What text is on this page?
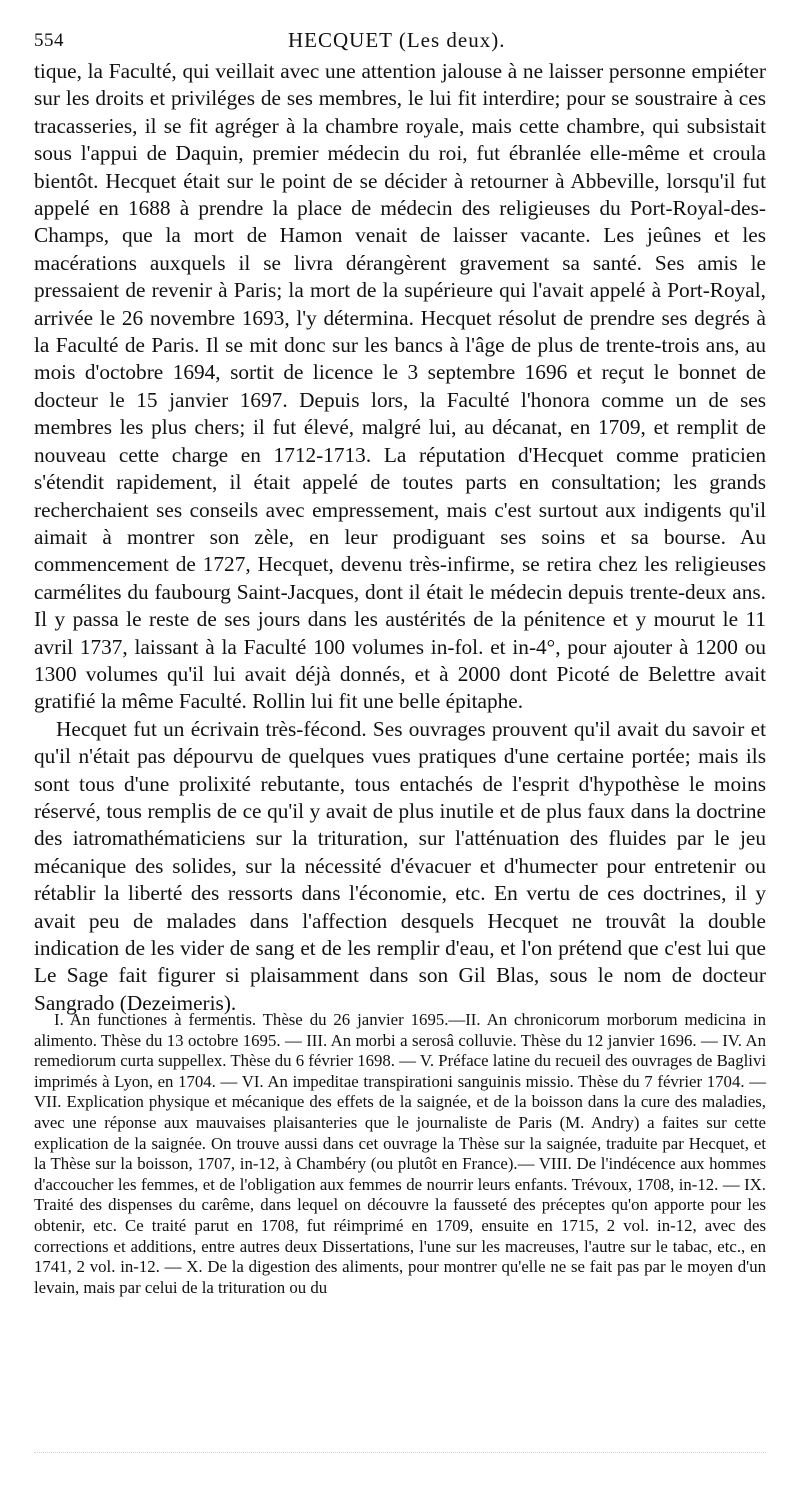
554	HECQUET (Les deux).

tique, la Faculté, qui veillait avec une attention jalouse à ne laisser personne empiéter sur les droits et priviléges de ses membres, le lui fit interdire; pour se soustraire à ces tracasseries, il se fit agréger à la chambre royale, mais cette chambre, qui subsistait sous l'appui de Daquin, premier médecin du roi, fut ébranlée elle-même et croula bientôt. Hecquet était sur le point de se décider à retourner à Abbeville, lorsqu'il fut appelé en 1688 à prendre la place de médecin des religieuses du Port-Royal-des-Champs, que la mort de Hamon venait de laisser vacante. Les jeûnes et les macérations auxquels il se livra dérangèrent gravement sa santé. Ses amis le pressaient de revenir à Paris; la mort de la supérieure qui l'avait appelé à Port-Royal, arrivée le 26 novembre 1693, l'y détermina. Hecquet résolut de prendre ses degrés à la Faculté de Paris. Il se mit donc sur les bancs à l'âge de plus de trente-trois ans, au mois d'octobre 1694, sortit de licence le 3 septembre 1696 et reçut le bonnet de docteur le 15 janvier 1697. Depuis lors, la Faculté l'honora comme un de ses membres les plus chers; il fut élevé, malgré lui, au décanat, en 1709, et remplit de nouveau cette charge en 1712-1713. La réputation d'Hecquet comme praticien s'étendit rapidement, il était appelé de toutes parts en consultation; les grands recherchaient ses conseils avec empressement, mais c'est surtout aux indigents qu'il aimait à montrer son zèle, en leur prodiguant ses soins et sa bourse. Au commencement de 1727, Hecquet, devenu très-infirme, se retira chez les religieuses carmélites du faubourg Saint-Jacques, dont il était le médecin depuis trente-deux ans. Il y passa le reste de ses jours dans les austérités de la pénitence et y mourut le 11 avril 1737, laissant à la Faculté 100 volumes in-fol. et in-4°, pour ajouter à 1200 ou 1300 volumes qu'il lui avait déjà donnés, et à 2000 dont Picoté de Belettre avait gratifié la même Faculté. Rollin lui fit une belle épitaphe.

Hecquet fut un écrivain très-fécond. Ses ouvrages prouvent qu'il avait du savoir et qu'il n'était pas dépourvu de quelques vues pratiques d'une certaine portée; mais ils sont tous d'une prolixité rebutante, tous entachés de l'esprit d'hypothèse le moins réservé, tous remplis de ce qu'il y avait de plus inutile et de plus faux dans la doctrine des iatromathématiciens sur la trituration, sur l'atténuation des fluides par le jeu mécanique des solides, sur la nécessité d'évacuer et d'humecter pour entretenir ou rétablir la liberté des ressorts dans l'économie, etc. En vertu de ces doctrines, il y avait peu de malades dans l'affection desquels Hecquet ne trouvât la double indication de les vider de sang et de les remplir d'eau, et l'on prétend que c'est lui que Le Sage fait figurer si plaisamment dans son Gil Blas, sous le nom de docteur Sangrado (Dezeimeris).

I. An functiones à fermentis. Thèse du 26 janvier 1695.—II. An chronicorum morborum medicina in alimento. Thèse du 13 octobre 1695. — III. An morbi a serosâ colluvie. Thèse du 12 janvier 1696. — IV. An remediorum curta suppellex. Thèse du 6 février 1698. — V. Préface latine du recueil des ouvrages de Baglivi imprimés à Lyon, en 1704. — VI. An impeditae transpirationi sanguinis missio. Thèse du 7 février 1704. — VII. Explication physique et mécanique des effets de la saignée, et de la boisson dans la cure des maladies, avec une réponse aux mauvaises plaisanteries que le journaliste de Paris (M. Andry) a faites sur cette explication de la saignée. On trouve aussi dans cet ouvrage la Thèse sur la saignée, traduite par Hecquet, et la Thèse sur la boisson, 1707, in-12, à Chambéry (ou plutôt en France).— VIII. De l'indécence aux hommes d'accoucher les femmes, et de l'obligation aux femmes de nourrir leurs enfants. Trévoux, 1708, in-12. — IX. Traité des dispenses du carême, dans lequel on découvre la fausseté des préceptes qu'on apporte pour les obtenir, etc. Ce traité parut en 1708, fut réimprimé en 1709, ensuite en 1715, 2 vol. in-12, avec des corrections et additions, entre autres deux Dissertations, l'une sur les macreuses, l'autre sur le tabac, etc., en 1741, 2 vol. in-12. — X. De la digestion des aliments, pour montrer qu'elle ne se fait pas par le moyen d'un levain, mais par celui de la trituration ou du
